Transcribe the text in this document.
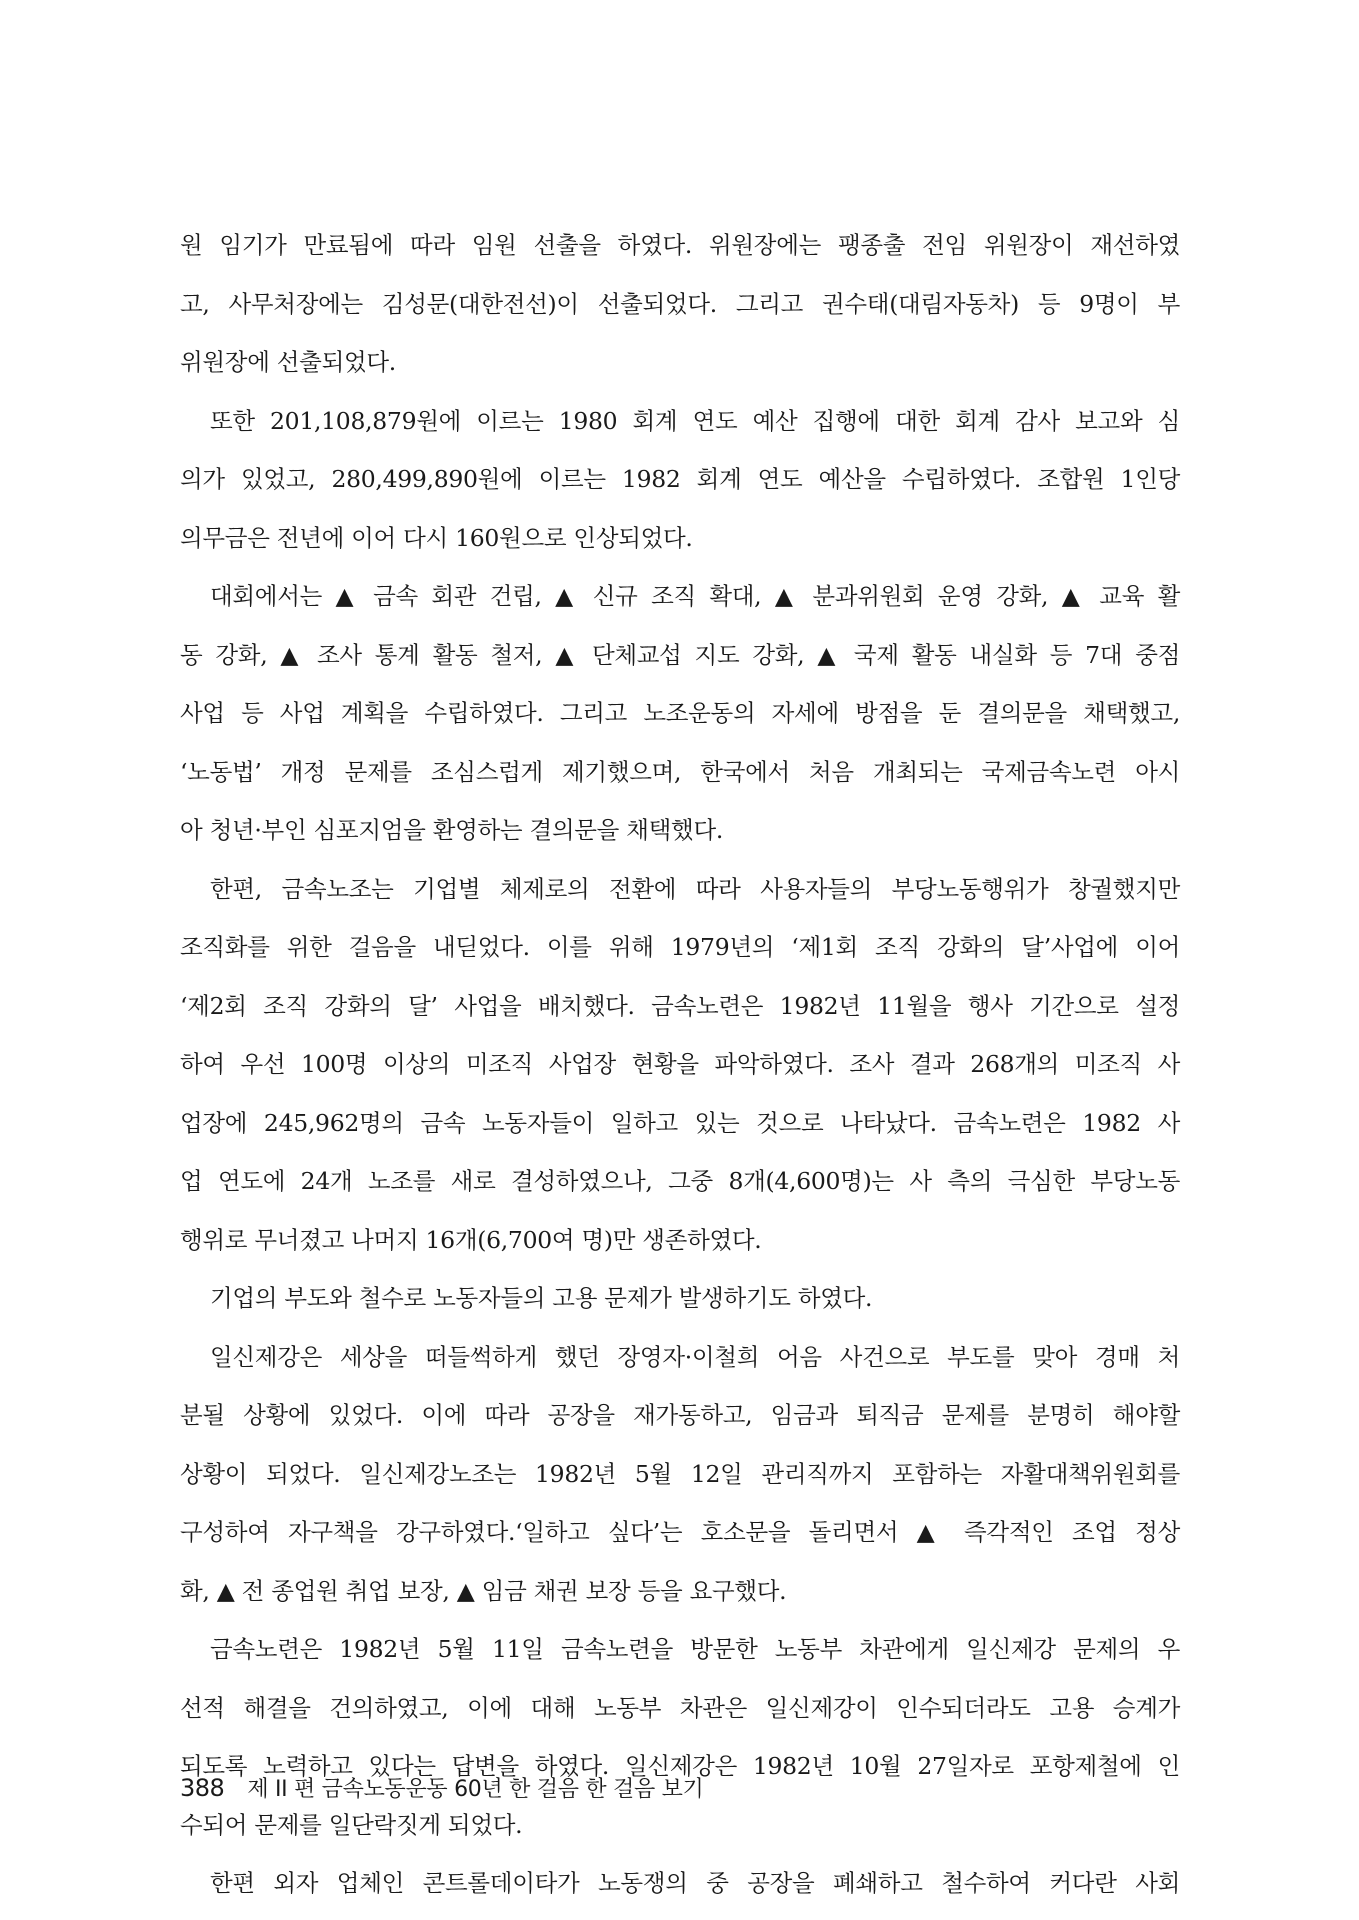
원 임기가 만료됨에 따라 임원 선출을 하였다. 위원장에는 팽종출 전임 위원장이 재선하였
고, 사무처장에는 김성문(대한전선)이 선출되었다. 그리고 권수태(대림자동차) 등 9명이 부
위원장에 선출되었다.
또한 201,108,879원에 이르는 1980 회계 연도 예산 집행에 대한 회계 감사 보고와 심
의가 있었고, 280,499,890원에 이르는 1982 회계 연도 예산을 수립하였다. 조합원 1인당
의무금은 전년에 이어 다시 160원으로 인상되었다.
대회에서는 ▲ 금속 회관 건립, ▲ 신규 조직 확대, ▲ 분과위원회 운영 강화, ▲ 교육 활
동 강화, ▲ 조사 통계 활동 철저, ▲ 단체교섭 지도 강화, ▲ 국제 활동 내실화 등 7대 중점
사업 등 사업 계획을 수립하였다. 그리고 노조운동의 자세에 방점을 둔 결의문을 채택했고,
‘노동법’ 개정 문제를 조심스럽게 제기했으며, 한국에서 처음 개최되는 국제금속노련 아시
아 청년·부인 심포지엄을 환영하는 결의문을 채택했다.
한편, 금속노조는 기업별 체제로의 전환에 따라 사용자들의 부당노동행위가 창궐했지만
조직화를 위한 걸음을 내딛었다. 이를 위해 1979년의 ‘제1회 조직 강화의 달’사업에 이어
‘제2회 조직 강화의 달’ 사업을 배치했다. 금속노련은 1982년 11월을 행사 기간으로 설정
하여 우선 100명 이상의 미조직 사업장 현황을 파악하였다. 조사 결과 268개의 미조직 사
업장에 245,962명의 금속 노동자들이 일하고 있는 것으로 나타났다. 금속노련은 1982 사
업 연도에 24개 노조를 새로 결성하였으나, 그중 8개(4,600명)는 사 측의 극심한 부당노동
행위로 무너졌고 나머지 16개(6,700여 명)만 생존하였다.
기업의 부도와 철수로 노동자들의 고용 문제가 발생하기도 하였다.
일신제강은 세상을 떠들썩하게 했던 장영자·이철희 어음 사건으로 부도를 맞아 경매 처
분될 상황에 있었다. 이에 따라 공장을 재가동하고, 임금과 퇴직금 문제를 분명히 해야할
상황이 되었다. 일신제강노조는 1982년 5월 12일 관리직까지 포함하는 자활대책위원회를
구성하여 자구책을 강구하였다.‘일하고 싶다’는 호소문을 돌리면서 ▲ 즉각적인 조업 정상
화, ▲ 전 종업원 취업 보장, ▲ 임금 채권 보장 등을 요구했다.
금속노련은 1982년 5월 11일 금속노련을 방문한 노동부 차관에게 일신제강 문제의 우
선적 해결을 건의하였고, 이에 대해 노동부 차관은 일신제강이 인수되더라도 고용 승계가
되도록 노력하고 있다는 답변을 하였다. 일신제강은 1982년 10월 27일자로 포항제철에 인
수되어 문제를 일단락짓게 되었다.
한편 외자 업체인 콘트롤데이타가 노동쟁의 중 공장을 폐쇄하고 철수하여 커다란 사회
388 제 II 편 금속노동운동 60년 한 걸음 한 걸음 보기
